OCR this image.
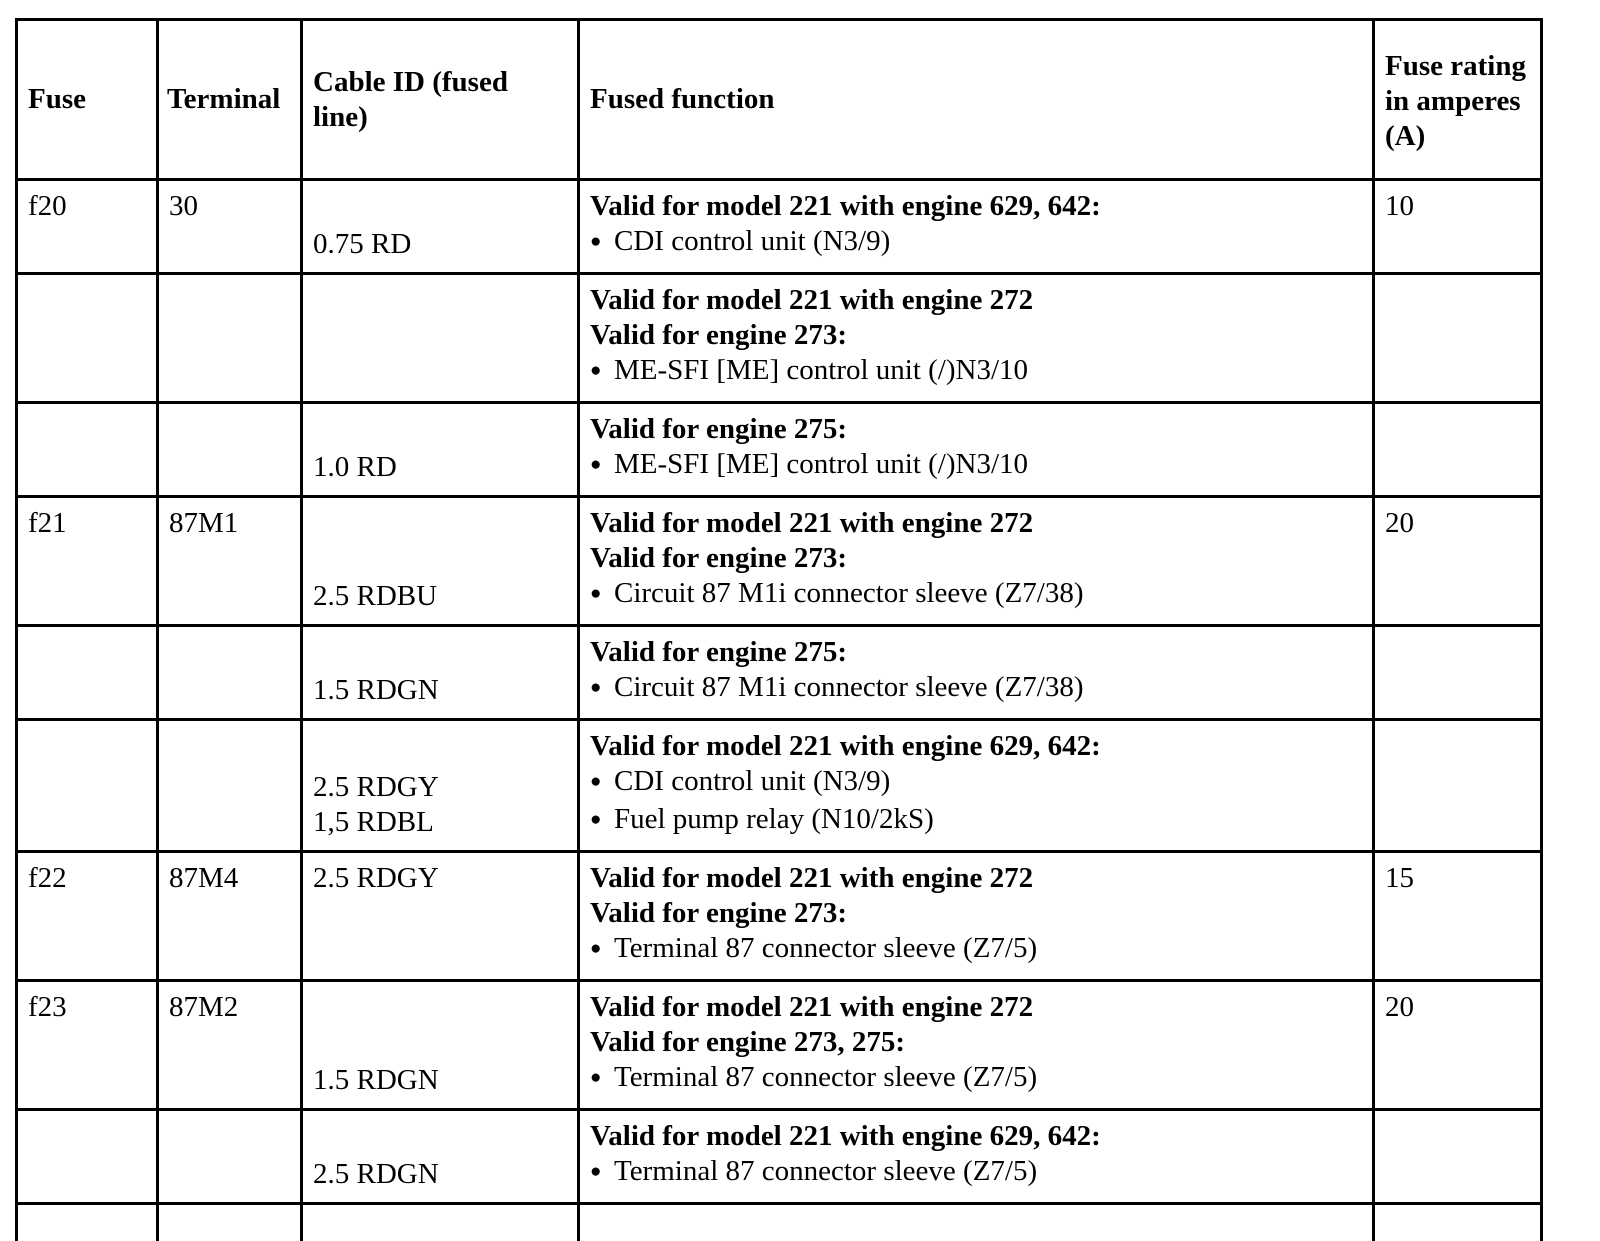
Fuse	Terminal	Cable ID (fused line)	Fused function	Fuse rating in amperes (A)
f20	30	0.75 RD	Valid for model 221 with engine 629, 642:
● CDI control unit (N3/9)	10

			Valid for model 221 with engine 272
Valid for engine 273:
● ME-SFI [ME] control unit (/)N3/10

		1.0 RD	Valid for engine 275:
● ME-SFI [ME] control unit (/)N3/10

f21	87M1	2.5 RDBU	Valid for model 221 with engine 272
Valid for engine 273:
● Circuit 87 M1i connector sleeve (Z7/38)	20

		1.5 RDGN	Valid for engine 275:
● Circuit 87 M1i connector sleeve (Z7/38)

		2.5 RDGY
1,5 RDBL	Valid for model 221 with engine 629, 642:
● CDI control unit (N3/9)
● Fuel pump relay (N10/2kS)

f22	87M4	2.5 RDGY	Valid for model 221 with engine 272
Valid for engine 273:
● Terminal 87 connector sleeve (Z7/5)	15
f23	87M2	1.5 RDGN	Valid for model 221 with engine 272
Valid for engine 273, 275:
● Terminal 87 connector sleeve (Z7/5)	20

		2.5 RDGN	Valid for model 221 with engine 629, 642:
● Terminal 87 connector sleeve (Z7/5)
